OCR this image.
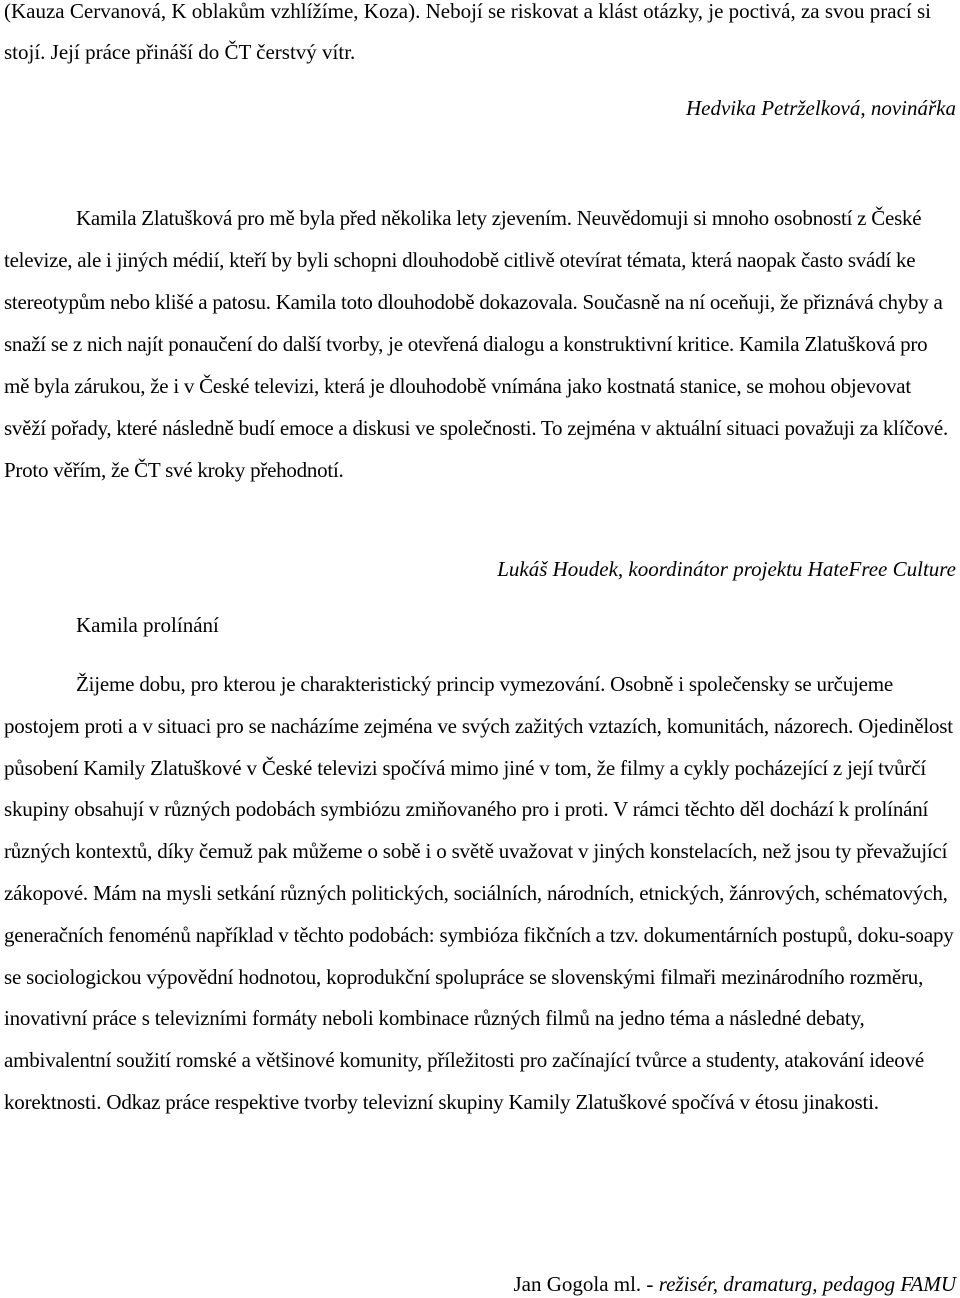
(Kauza Cervanová, K oblakům vzhlížíme, Koza). Nebojí se riskovat a klást otázky, je poctivá, za svou prací si stojí. Její práce přináší do ČT čerstvý vítr.

Hedvika Petrželková, novinářka

Kamila Zlatušková pro mě byla před několika lety zjevením. Neuvědomuji si mnoho osobností z České televize, ale i jiných médií, kteří by byli schopni dlouhodobě citlivě otevírat témata, která naopak často svádí ke stereotypům nebo klišé a patosu. Kamila toto dlouhodobě dokazovala. Současně na ní oceňuji, že přiznává chyby a snaží se z nich najít ponaučení do další tvorby, je otevřená dialogu a konstruktivní kritice. Kamila Zlatušková pro mě byla zárukou, že i v České televizi, která je dlouhodobě vnímána jako kostnatá stanice, se mohou objevovat svěží pořady, které následně budí emoce a diskusi ve společnosti. To zejména v aktuální situaci považuji za klíčové. Proto věřím, že ČT své kroky přehodnotí.

Lukáš Houdek, koordinátor projektu HateFree Culture

Kamila prolínání

Žijeme dobu, pro kterou je charakteristický princip vymezování. Osobně i společensky se určujeme postojem proti a v situaci pro se nacházíme zejména ve svých zažitých vztazích, komunitách, názorech. Ojedinělost působení Kamily Zlatuškové v České televizi spočívá mimo jiné v tom, že filmy a cykly pocházející z její tvůrčí skupiny obsahují v různých podobách symbiózu zmiňovaného pro i proti. V rámci těchto děl dochází k prolínání různých kontextů, díky čemuž pak můžeme o sobě i o světě uvažovat v jiných konstelacích, než jsou ty převažující zákopové. Mám na mysli setkání různých politických, sociálních, národních, etnických, žánrových, schématových, generačních fenoménů například v těchto podobách: symbióza fikčních a tzv. dokumentárních postupů, doku-soapy se sociologickou výpovědní hodnotou, koprodukční spolupráce se slovenskými filmaři mezinárodního rozměru, inovativní práce s televizními formáty neboli kombinace různých filmů na jedno téma a následné debaty, ambivalentní soužití romské a většinové komunity, příležitosti pro začínající tvůrce a studenty, atakování ideové korektnosti. Odkaz práce respektive tvorby televizní skupiny Kamily Zlatuškové spočívá v étosu jinakosti.

Jan Gogola ml. - režisér, dramaturg, pedagog FAMU
